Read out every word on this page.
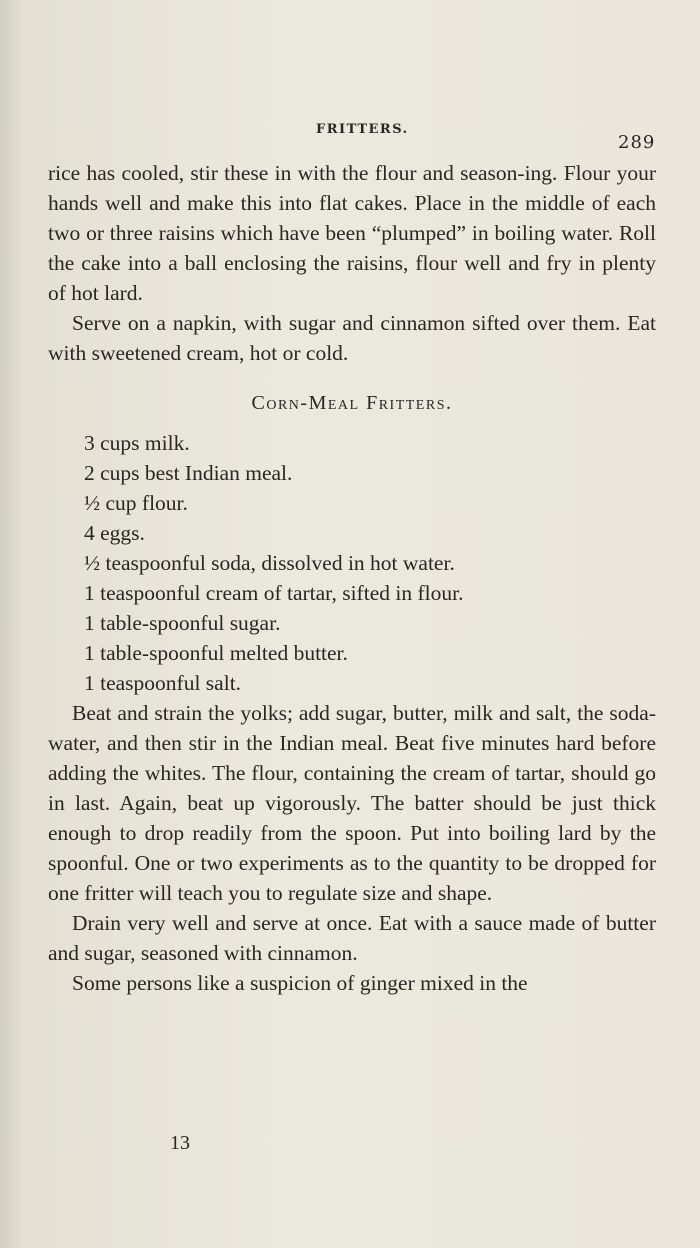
FRITTERS.
289

rice has cooled, stir these in with the flour and season-ing. Flour your hands well and make this into flat cakes. Place in the middle of each two or three raisins which have been “plumped” in boiling water. Roll the cake into a ball enclosing the raisins, flour well and fry in plenty of hot lard.

Serve on a napkin, with sugar and cinnamon sifted over them. Eat with sweetened cream, hot or cold.

Corn-Meal Fritters.
3 cups milk.
2 cups best Indian meal.
½ cup flour.
4 eggs.
½ teaspoonful soda, dissolved in hot water.
1 teaspoonful cream of tartar, sifted in flour.
1 table-spoonful sugar.
1 table-spoonful melted butter.
1 teaspoonful salt.

Beat and strain the yolks; add sugar, butter, milk and salt, the soda-water, and then stir in the Indian meal. Beat five minutes hard before adding the whites. The flour, containing the cream of tartar, should go in last. Again, beat up vigorously. The batter should be just thick enough to drop readily from the spoon. Put into boiling lard by the spoonful. One or two experiments as to the quantity to be dropped for one fritter will teach you to regulate size and shape.

Drain very well and serve at once. Eat with a sauce made of butter and sugar, seasoned with cinnamon.

Some persons like a suspicion of ginger mixed in the

13
